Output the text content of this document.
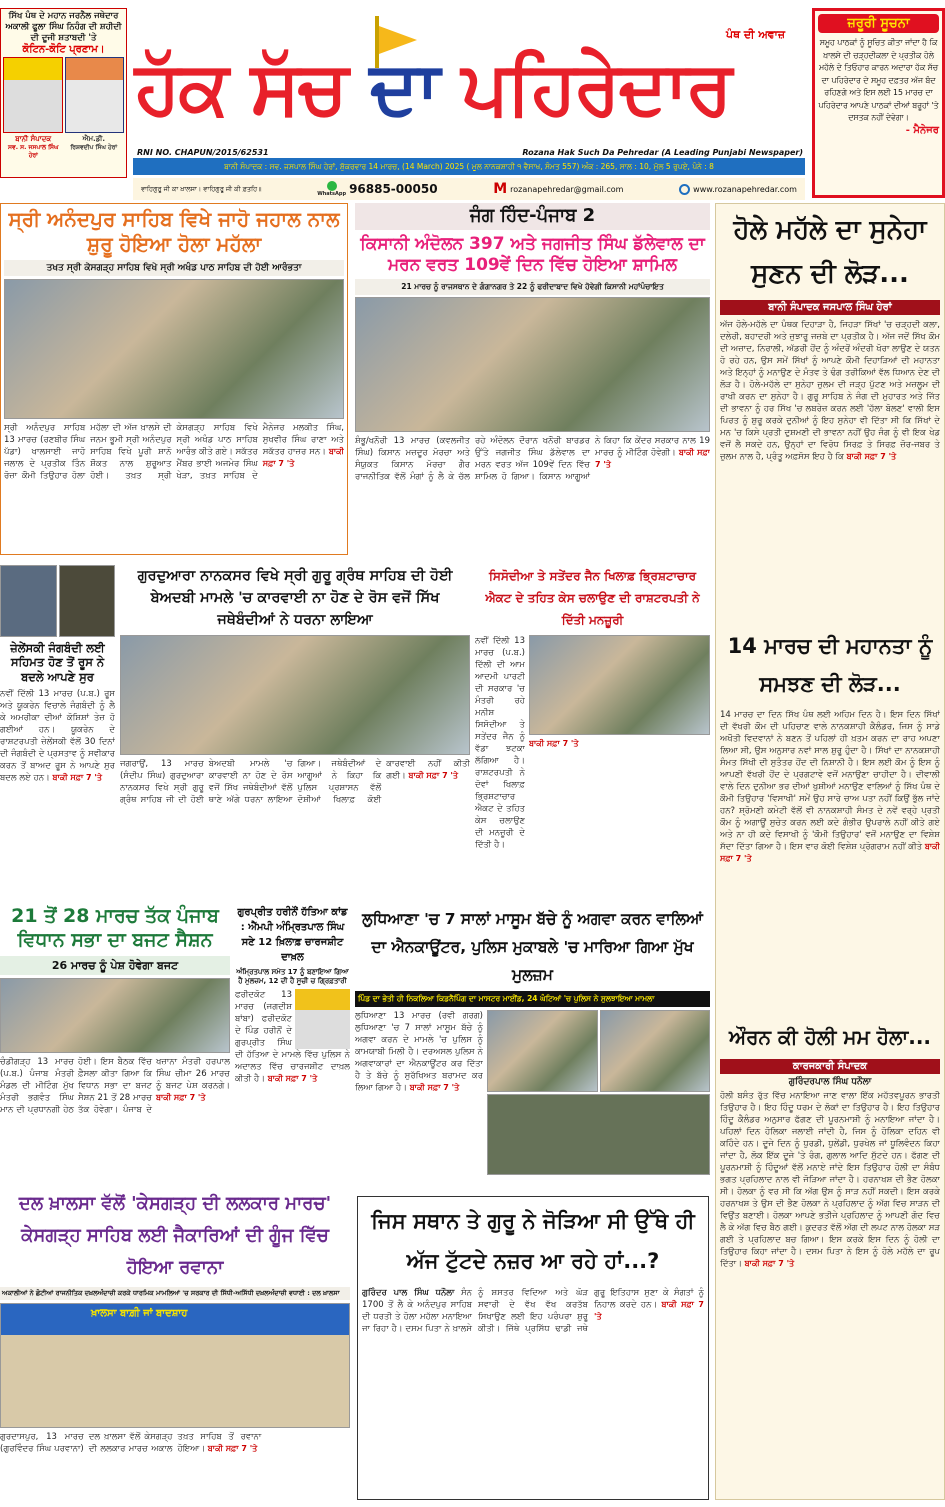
ਸਿੱਖ ਪੰਥ ਦੇ ਮਹਾਨ ਜਰਨੈਲ ਜਥੇਦਾਰ ਅਕਾਲੀ ਫੂਲਾ ਸਿੰਘ ਨਿਹੰਗ ਦੀ ਸ਼ਹੀਦੀ ਦੀ ਦੂਜੀ ਸ਼ਤਾਬਦੀ 'ਤੇ
ਕੋਟਿਨ-ਕੋਟਿ ਪ੍ਰਣਾਮ।
ਬਾਨੀ ਸੰਪਾਦਕ
ਸਵ. ਸ. ਜਸਪਾਲ ਸਿੰਘ ਹੇਰਾਂ
ਐਮ.ਡੀ.
ਰਿਸ਼ਵਦੀਪ ਸਿੰਘ ਹੇਰਾਂ
ਹੱਕ ਸੱਚ ਦਾ ਪਹਿਰੇਦਾਰ
ਪੰਥ ਦੀ ਅਵਾਜ਼
RNI NO. CHAPUN/2015/62531	Rozana Hak Such Da Pehredar (A Leading Punjabi Newspaper)
ਬਾਨੀ ਸੰਪਾਦਕ : ਸਵ. ਜਸਪਾਲ ਸਿੰਘ ਹੇਰਾਂ, ਸ਼ੁੱਕਰਵਾਰ 14 ਮਾਰਚ, (14 March) 2025 ( ਮੂਲ ਨਾਨਕਸ਼ਾਹੀ ੧ ਵੈਸਾਖ, ਸੰਮਤ 557) ਅੰਕ : 265, ਸਾਲ : 10, ਮੁੱਲ 5 ਰੁਪਏ, ਪੰਨੇ : 8
ਵਾਹਿਗੁਰੂ ਜੀ ਕਾ ਖ਼ਾਲਸਾ। ਵਾਹਿਗੁਰੂ ਜੀ ਕੀ ਫ਼ਤਹਿ॥
WhatsApp 96885-00050	M rozanapehredar@gmail.com	www.rozanapehredar.com
ਜ਼ਰੂਰੀ ਸੂਚਨਾ
ਸਮੂਹ ਪਾਠਕਾਂ ਨੂੰ ਸੂਚਿਤ ਕੀਤਾ ਜਾਂਦਾ ਹੈ ਕਿ ਖ਼ਾਲਸੇ ਦੀ ਚੜ੍ਹਦੀਕਲਾ ਦੇ ਪ੍ਰਤੀਕ ਹੋਲੇ ਮਹੱਲੇ ਦੇ ਤਿਓਹਾਰ ਕਾਰਨ ਅਦਾਰਾ ਹੱਕ ਸੱਚ ਦਾ ਪਹਿਰੇਦਾਰ ਦੇ ਸਮੂਹ ਦਫ਼ਤਰ ਅੱਜ ਬੰਦ ਰਹਿਣਗੇ ਅਤੇ ਇਸ ਲਈ 15 ਮਾਰਚ ਦਾ ਪਹਿਰੇਦਾਰ ਆਪਣੇ ਪਾਠਕਾਂ ਦੀਆਂ ਬਰੂਹਾਂ 'ਤੇ ਦਸਤਕ ਨਹੀਂ ਦੇਵੇਗਾ।
- ਮੈਨੇਜਰ
ਸ੍ਰੀ ਅਨੰਦਪੁਰ ਸਾਹਿਬ ਵਿਖੇ ਜਾਹੋ ਜਹਾਲ ਨਾਲ ਸ਼ੁਰੂ ਹੋਇਆ ਹੋਲਾ ਮਹੱਲਾ
ਤਖਤ ਸ੍ਰੀ ਕੇਸਗੜ੍ਹ ਸਾਹਿਬ ਵਿਖੇ ਸ੍ਰੀ ਅਖੰਡ ਪਾਠ ਸਾਹਿਬ ਦੀ ਹੋਈ ਆਰੰਭਤਾ
ਸ੍ਰੀ ਅਨੰਦਪੁਰ ਸਾਹਿਬ 13 ਮਾਰਚ (ਰਣਬੀਰ ਸਿੰਘ ਪੱਡਾ) ਖਾਲਸਾਈ ਜਾਹੋ ਜਲਾਲ ਦੇ ਪ੍ਰਤੀਕ ਤਿੰਨ ਰੋਜ਼ਾ ਕੌਮੀ ਤਿਉਹਾਰ ਹੋਲਾ ਮਹੱਲਾ ਦੀ ਅੱਜ ਖ਼ਾਲਸੇ ਦੀ ਜਨਮ ਭੂਮੀ ਸ੍ਰੀ ਅਨੰਦਪੁਰ ਸਾਹਿਬ ਵਿਖੇ ਪੂਰੀ ਸ਼ਾਨੋ ਸ਼ੌਕਤ ਨਾਲ ਸ਼ੁਰੂਆਤ ਹੋਈ। ਤਖ਼ਤ ਸ੍ਰੀ ਕੇਸਗੜ੍ਹ ਸਾਹਿਬ ਵਿਖੇ ਸ੍ਰੀ ਅਖੰਡ ਪਾਠ ਸਾਹਿਬ ਆਰੰਭ ਕੀਤੇ ਗਏ। ਸਕੱਤਰ ਮੈਂਬਰ ਭਾਈ ਅਜਮੇਰ ਸਿੰਘ ਖੇੜਾ, ਤਖ਼ਤ ਸਾਹਿਬ ਦੇ ਮੈਨੇਜਰ ਮਲਕੀਤ ਸਿੰਘ, ਸੁਖਵੀਰ ਸਿੰਘ ਰਾਣਾ ਅਤੇ ਸਕੱਤਰ ਹਾਜ਼ਰ ਸਨ। ਬਾਕੀ ਸਫ਼ਾ 7 'ਤੇ
ਜੰਗ ਹਿੰਦ-ਪੰਜਾਬ 2
ਕਿਸਾਨੀ ਅੰਦੋਲਨ 397 ਅਤੇ ਜਗਜੀਤ ਸਿੰਘ ਡੱਲੇਵਾਲ ਦਾ ਮਰਨ ਵਰਤ 109ਵੇਂ ਦਿਨ ਵਿੱਚ ਹੋਇਆ ਸ਼ਾਮਿਲ
21 ਮਾਰਚ ਨੂੰ ਰਾਜਸਥਾਨ ਦੇ ਗੰਗਾਨਗਰ ਤੇ 22 ਨੂੰ ਫਰੀਦਾਬਾਦ ਵਿਖੇ ਹੋਵੇਗੀ ਕਿਸਾਨੀ ਮਹਾਂਪੰਚਾਇਤ
ਸ਼ੰਭੂ/ਖਨੌਰੀ 13 ਮਾਰਚ (ਕਵਲਜੀਤ ਸਿੰਘ) ਕਿਸਾਨ ਮਜ਼ਦੂਰ ਮੋਰਚਾ ਅਤੇ ਸੰਯੁਕਤ ਕਿਸਾਨ ਮੋਰਚਾ ਗੈਰ ਰਾਜਨੀਤਿਕ ਵੱਲੋਂ ਮੰਗਾਂ ਨੂੰ ਲੈ ਕੇ ਚੱਲ ਰਹੇ ਅੰਦੋਲਨ ਦੌਰਾਨ ਖਨੌਰੀ ਬਾਰਡਰ ਉੱਤੇ ਜਗਜੀਤ ਸਿੰਘ ਡੱਲੇਵਾਲ ਦਾ ਮਰਨ ਵਰਤ ਅੱਜ 109ਵੇਂ ਦਿਨ ਵਿੱਚ ਸ਼ਾਮਿਲ ਹੋ ਗਿਆ। ਕਿਸਾਨ ਆਗੂਆਂ ਨੇ ਕਿਹਾ ਕਿ ਕੇਂਦਰ ਸਰਕਾਰ ਨਾਲ 19 ਮਾਰਚ ਨੂੰ ਮੀਟਿੰਗ ਹੋਵੇਗੀ। ਬਾਕੀ ਸਫ਼ਾ 7 'ਤੇ
ਜ਼ੇਲੇਂਸਕੀ ਜੰਗਬੰਦੀ ਲਈ ਸਹਿਮਤ ਹੋਣ ਤੋਂ ਰੂਸ ਨੇ ਬਦਲੇ ਆਪਣੇ ਸੁਰ
ਨਵੀਂ ਦਿੱਲੀ 13 ਮਾਰਚ (ਪ.ਬ.) ਰੂਸ ਅਤੇ ਯੂਕਰੇਨ ਵਿਚਾਲੇ ਜੰਗਬੰਦੀ ਨੂੰ ਲੈ ਕੇ ਅਮਰੀਕਾ ਦੀਆਂ ਕੋਸ਼ਿਸ਼ਾਂ ਤੇਜ਼ ਹੋ ਗਈਆਂ ਹਨ। ਯੂਕਰੇਨ ਦੇ ਰਾਸ਼ਟਰਪਤੀ ਜ਼ੇਲੇਂਸਕੀ ਵੱਲੋਂ 30 ਦਿਨਾਂ ਦੀ ਜੰਗਬੰਦੀ ਦੇ ਪ੍ਰਸਤਾਵ ਨੂੰ ਸਵੀਕਾਰ ਕਰਨ ਤੋਂ ਬਾਅਦ ਰੂਸ ਨੇ ਆਪਣੇ ਸੁਰ ਬਦਲ ਲਏ ਹਨ। ਬਾਕੀ ਸਫ਼ਾ 7 'ਤੇ
ਗੁਰਦੁਆਰਾ ਨਾਨਕਸਰ ਵਿਖੇ ਸ੍ਰੀ ਗੁਰੂ ਗ੍ਰੰਥ ਸਾਹਿਬ ਦੀ ਹੋਈ ਬੇਅਦਬੀ ਮਾਮਲੇ 'ਚ ਕਾਰਵਾਈ ਨਾ ਹੋਣ ਦੇ ਰੋਸ ਵਜੋਂ ਸਿੱਖ ਜਥੇਬੰਦੀਆਂ ਨੇ ਧਰਨਾ ਲਾਇਆ
ਜਗਰਾਉਂ, 13 ਮਾਰਚ (ਸੰਦੀਪ ਸਿੰਘ) ਗੁਰਦੁਆਰਾ ਨਾਨਕਸਰ ਵਿਖੇ ਸ੍ਰੀ ਗੁਰੂ ਗ੍ਰੰਥ ਸਾਹਿਬ ਜੀ ਦੀ ਹੋਈ ਬੇਅਦਬੀ ਮਾਮਲੇ 'ਚ ਕਾਰਵਾਈ ਨਾ ਹੋਣ ਦੇ ਰੋਸ ਵਜੋਂ ਸਿੱਖ ਜਥੇਬੰਦੀਆਂ ਵੱਲੋਂ ਥਾਣੇ ਅੱਗੇ ਧਰਨਾ ਲਾਇਆ ਗਿਆ। ਜਥੇਬੰਦੀਆਂ ਦੇ ਆਗੂਆਂ ਨੇ ਕਿਹਾ ਕਿ ਪੁਲਿਸ ਪ੍ਰਸ਼ਾਸਨ ਵੱਲੋਂ ਦੋਸ਼ੀਆਂ ਖਿਲਾਫ਼ ਕੋਈ ਕਾਰਵਾਈ ਨਹੀਂ ਕੀਤੀ ਗਈ। ਬਾਕੀ ਸਫ਼ਾ 7 'ਤੇ
ਸਿਸੋਦੀਆ ਤੇ ਸਤੇਂਦਰ ਜੈਨ ਖਿਲਾਫ਼ ਭ੍ਰਿਸ਼ਟਾਚਾਰ ਐਕਟ ਦੇ ਤਹਿਤ ਕੇਸ ਚਲਾਉਣ ਦੀ ਰਾਸ਼ਟਰਪਤੀ ਨੇ ਦਿੱਤੀ ਮਨਜ਼ੂਰੀ
ਨਵੀਂ ਦਿੱਲੀ 13 ਮਾਰਚ (ਪ.ਬ.) ਦਿੱਲੀ ਦੀ ਆਮ ਆਦਮੀ ਪਾਰਟੀ ਦੀ ਸਰਕਾਰ 'ਚ ਮੰਤਰੀ ਰਹੇ ਮਨੀਸ਼ ਸਿਸੋਦੀਆ ਤੇ ਸਤੇਂਦਰ ਜੈਨ ਨੂੰ ਵੱਡਾ ਝਟਕਾ ਲੱਗਿਆ ਹੈ। ਰਾਸ਼ਟਰਪਤੀ ਨੇ ਦੋਵਾਂ ਖਿਲਾਫ਼ ਭ੍ਰਿਸ਼ਟਾਚਾਰ ਐਕਟ ਦੇ ਤਹਿਤ ਕੇਸ ਚਲਾਉਣ ਦੀ ਮਨਜ਼ੂਰੀ ਦੇ ਦਿੱਤੀ ਹੈ।
ਬਾਕੀ ਸਫ਼ਾ 7 'ਤੇ
21 ਤੋਂ 28 ਮਾਰਚ ਤੱਕ ਪੰਜਾਬ ਵਿਧਾਨ ਸਭਾ ਦਾ ਬਜਟ ਸੈਸ਼ਨ
26 ਮਾਰਚ ਨੂੰ ਪੇਸ਼ ਹੋਵੇਗਾ ਬਜਟ
ਚੰਡੀਗੜ੍ਹ 13 ਮਾਰਚ (ਪ.ਬ.) ਪੰਜਾਬ ਮੰਤਰੀ ਮੰਡਲ ਦੀ ਮੀਟਿੰਗ ਮੁੱਖ ਮੰਤਰੀ ਭਗਵੰਤ ਸਿੰਘ ਮਾਨ ਦੀ ਪ੍ਰਧਾਨਗੀ ਹੇਠ ਹੋਈ। ਇਸ ਬੈਠਕ ਵਿੱਚ ਫ਼ੈਸਲਾ ਕੀਤਾ ਗਿਆ ਕਿ ਵਿਧਾਨ ਸਭਾ ਦਾ ਬਜਟ ਸੈਸ਼ਨ 21 ਤੋਂ 28 ਮਾਰਚ ਤੱਕ ਹੋਵੇਗਾ। ਪੰਜਾਬ ਦੇ ਖਜ਼ਾਨਾ ਮੰਤਰੀ ਹਰਪਾਲ ਸਿੰਘ ਚੀਮਾ 26 ਮਾਰਚ ਨੂੰ ਬਜਟ ਪੇਸ਼ ਕਰਨਗੇ। ਬਾਕੀ ਸਫ਼ਾ 7 'ਤੇ
ਗੁਰਪ੍ਰੀਤ ਹਰੀਨੌਂ ਹੱਤਿਆ ਕਾਂਡ : ਐੱਮਪੀ ਅੰਮ੍ਰਿਤਪਾਲ ਸਿੰਘ ਸਣੇ 12 ਖ਼ਿਲਾਫ਼ ਚਾਰਜਸ਼ੀਟ ਦਾਖ਼ਲ
ਅੰਮ੍ਰਿਤਪਾਲ ਸਮੇਤ 17 ਨੂੰ ਬਣਾਇਆ ਗਿਆ ਹੈ ਮੁਲਜ਼ਮ, 12 ਦੀ ਹੈ ਸੂਚੀ ਚ ਗ੍ਰਿਫ਼ਤਾਰੀ
ਫਰੀਦਕੋਟ 13 ਮਾਰਚ (ਜਗਦੀਸ਼ ਬਾਂਬਾ) ਫਰੀਦਕੋਟ ਦੇ ਪਿੰਡ ਹਰੀਨੌਂ ਦੇ ਗੁਰਪ੍ਰੀਤ ਸਿੰਘ ਦੀ ਹੱਤਿਆ ਦੇ ਮਾਮਲੇ ਵਿੱਚ ਪੁਲਿਸ ਨੇ ਅਦਾਲਤ ਵਿੱਚ ਚਾਰਜਸ਼ੀਟ ਦਾਖ਼ਲ ਕੀਤੀ ਹੈ। ਬਾਕੀ ਸਫ਼ਾ 7 'ਤੇ
ਲੁਧਿਆਣਾ 'ਚ 7 ਸਾਲਾਂ ਮਾਸੂਮ ਬੱਚੇ ਨੂੰ ਅਗਵਾ ਕਰਨ ਵਾਲਿਆਂ ਦਾ ਐਨਕਾਊਂਟਰ, ਪੁਲਿਸ ਮੁਕਾਬਲੇ 'ਚ ਮਾਰਿਆ ਗਿਆ ਮੁੱਖ ਮੁਲਜ਼ਮ
ਪਿੰਡ ਦਾ ਭੇਤੀ ਹੀ ਨਿਕਲਿਆ ਕਿਡਨੈਪਿੰਗ ਦਾ ਮਾਸਟਰ ਮਾਈਂਡ, 24 ਘੰਟਿਆਂ 'ਚ ਪੁਲਿਸ ਨੇ ਸੁਲਝਾਇਆ ਮਾਮਲਾ
ਲੁਧਿਆਣਾ 13 ਮਾਰਚ (ਰਵੀ ਗਰਗ) ਲੁਧਿਆਣਾ 'ਚ 7 ਸਾਲਾਂ ਮਾਸੂਮ ਬੱਚੇ ਨੂੰ ਅਗਵਾ ਕਰਨ ਦੇ ਮਾਮਲੇ 'ਚ ਪੁਲਿਸ ਨੂੰ ਕਾਮਯਾਬੀ ਮਿਲੀ ਹੈ। ਦਰਅਸਲ ਪੁਲਿਸ ਨੇ ਅਗਵਾਕਾਰਾਂ ਦਾ ਐਨਕਾਊਂਟਰ ਕਰ ਦਿੱਤਾ ਹੈ ਤੇ ਬੱਚੇ ਨੂੰ ਸੁਰੱਖਿਅਤ ਬਰਾਮਦ ਕਰ ਲਿਆ ਗਿਆ ਹੈ। ਬਾਕੀ ਸਫ਼ਾ 7 'ਤੇ
ਦਲ ਖ਼ਾਲਸਾ ਵੱਲੋਂ 'ਕੇਸਗੜ੍ਹ ਦੀ ਲਲਕਾਰ ਮਾਰਚ' ਕੇਸਗੜ੍ਹ ਸਾਹਿਬ ਲਈ ਜੈਕਾਰਿਆਂ ਦੀ ਗੂੰਜ ਵਿੱਚ ਹੋਇਆ ਰਵਾਨਾ
ਅਕਾਲੀਆਂ ਨੇ ਛੋਟੀਆਂ ਰਾਜਨੀਤਿਕ ਦਖ਼ਲਅੰਦਾਜ਼ੀ ਕਰਕੇ ਧਾਰਮਿਕ ਮਾਮਲਿਆਂ 'ਚ ਸਰਕਾਰ ਦੀ ਸਿੱਧੀ-ਅਸਿੱਧੀ ਦਖ਼ਲਅੰਦਾਜ਼ੀ ਵਧਾਈ : ਦਲ ਖ਼ਾਲਸਾ
ਖ਼ਾਲਸਾ ਬਾਗ਼ੀ ਜਾਂ ਬਾਦਸ਼ਾਹ
ਗੁਰਦਾਸਪੁਰ, 13 ਮਾਰਚ (ਗੁਰਵਿੰਦਰ ਸਿੰਘ ਪਰਵਾਨਾ) ਦਲ ਖ਼ਾਲਸਾ ਵੱਲੋਂ ਕੇਸਗੜ੍ਹ ਦੀ ਲਲਕਾਰ ਮਾਰਚ ਅਕਾਲ ਤਖ਼ਤ ਸਾਹਿਬ ਤੋਂ ਰਵਾਨਾ ਹੋਇਆ। ਬਾਕੀ ਸਫ਼ਾ 7 'ਤੇ
ਜਿਸ ਸਥਾਨ ਤੇ ਗੁਰੂ ਨੇ ਜੋੜਿਆ ਸੀ ਉੱਥੇ ਹੀ ਅੱਜ ਟੁੱਟਦੇ ਨਜ਼ਰ ਆ ਰਹੇ ਹਾਂ...?
ਗੁਰਿੰਦਰ ਪਾਲ ਸਿੰਘ ਧਨੌਲਾ ਸੰਨ 1700 ਤੋਂ ਲੈ ਕੇ ਅਨੰਦਪੁਰ ਸਾਹਿਬ ਦੀ ਧਰਤੀ ਤੇ ਹੋਲਾ ਮਹੱਲਾ ਮਨਾਇਆ ਜਾ ਰਿਹਾ ਹੈ। ਦਸਮ ਪਿਤਾ ਨੇ ਖ਼ਾਲਸੇ ਨੂੰ ਸ਼ਸਤਰ ਵਿਦਿਆ ਅਤੇ ਘੋੜ ਸਵਾਰੀ ਦੇ ਵੱਖ ਵੱਖ ਕਰਤੱਬ ਸਿਖਾਉਣ ਲਈ ਇਹ ਪਰੰਪਰਾ ਸ਼ੁਰੂ ਕੀਤੀ। ਜਿੱਥੇ ਪ੍ਰਸਿੱਧ ਢਾਡੀ ਜਥੇ ਗੁਰੂ ਇਤਿਹਾਸ ਸੁਣਾ ਕੇ ਸੰਗਤਾਂ ਨੂੰ ਨਿਹਾਲ ਕਰਦੇ ਹਨ। ਬਾਕੀ ਸਫ਼ਾ 7 'ਤੇ
ਹੋਲੇ ਮਹੱਲੇ ਦਾ ਸੁਨੇਹਾ ਸੁਣਨ ਦੀ ਲੋੜ...
ਬਾਨੀ ਸੰਪਾਦਕ ਜਸਪਾਲ ਸਿੰਘ ਹੇਰਾਂ
ਅੱਜ ਹੋਲੇ-ਮਹੱਲੇ ਦਾ ਪੰਥਕ ਦਿਹਾੜਾ ਹੈ, ਜਿਹੜਾ ਸਿੱਖਾਂ 'ਚ ਚੜ੍ਹਦੀ ਕਲਾ, ਦਲੇਰੀ, ਬਹਾਦਰੀ ਅਤੇ ਜੁਝਾਰੂ ਜਜ਼ਬੇ ਦਾ ਪ੍ਰਤੀਕ ਹੈ। ਅੱਜ ਜਦੋਂ ਸਿੱਖ ਕੌਮ ਦੀ ਅਜ਼ਾਦ, ਨਿਰਾਲੀ, ਅੱਡਰੀ ਹੋਂਦ ਨੂੰ ਅੰਦਰੋਂ ਅੰਦਰੀ ਖੋਰਾ ਲਾਉਣ ਦੇ ਯਤਨ ਹੋ ਰਹੇ ਹਨ, ਉਸ ਸਮੇਂ ਸਿੱਖਾਂ ਨੂੰ ਆਪਣੇ ਕੌਮੀ ਦਿਹਾੜਿਆਂ ਦੀ ਮਹਾਨਤਾ ਅਤੇ ਇਨ੍ਹਾਂ ਨੂੰ ਮਨਾਉਣ ਦੇ ਮੰਤਵ ਤੇ ਢੰਗ ਤਰੀਕਿਆਂ ਵੱਲ ਧਿਆਨ ਦੇਣ ਦੀ ਲੋੜ ਹੈ। ਹੋਲੇ-ਮਹੱਲੇ ਦਾ ਸੁਨੇਹਾ ਜ਼ੁਲਮ ਦੀ ਜੜ੍ਹ ਪੁੱਟਣ ਅਤੇ ਮਜ਼ਲੂਮ ਦੀ ਰਾਖੀ ਕਰਨ ਦਾ ਸੁਨੇਹਾ ਹੈ। ਗੁਰੂ ਸਾਹਿਬ ਨੇ ਜੰਗ ਦੀ ਮੁਹਾਰਤ ਅਤੇ ਜਿੱਤ ਦੀ ਭਾਵਨਾ ਨੂੰ ਹਰ ਸਿੱਖ 'ਚ ਲਬਰੇਜ਼ ਕਰਨ ਲਈ 'ਹੱਲਾ ਬੋਲਣ' ਵਾਲੀ ਇਸ ਪਿਰਤ ਨੂੰ ਸ਼ੁਰੂ ਕਰਕੇ ਦੁਨੀਆਂ ਨੂੰ ਇਹ ਸੁਨੇਹਾ ਵੀ ਦਿੱਤਾ ਸੀ ਕਿ ਸਿੱਖਾਂ ਦੇ ਮਨ 'ਚ ਕਿਸੇ ਪ੍ਰਤੀ ਦੁਸ਼ਮਣੀ ਦੀ ਭਾਵਨਾ ਨਹੀਂ ਉਹ ਜੰਗ ਨੂੰ ਵੀ ਇਕ ਖੇਡ ਵਜੋਂ ਲੈ ਸਕਦੇ ਹਨ, ਉਨ੍ਹਾਂ ਦਾ ਵਿਰੋਧ ਸਿਰਫ਼ ਤੇ ਸਿਰਫ਼ ਜ਼ੋਰ-ਜਬਰ ਤੇ ਜ਼ੁਲਮ ਨਾਲ ਹੈ, ਪ੍ਰੰਤੂ ਅਫ਼ਸੋਸ ਇਹ ਹੈ ਕਿ ਬਾਕੀ ਸਫ਼ਾ 7 'ਤੇ
14 ਮਾਰਚ ਦੀ ਮਹਾਨਤਾ ਨੂੰ ਸਮਝਣ ਦੀ ਲੋੜ...
14 ਮਾਰਚ ਦਾ ਦਿਨ ਸਿੱਖ ਪੰਥ ਲਈ ਅਹਿਮ ਦਿਨ ਹੈ। ਇਸ ਦਿਨ ਸਿੱਖਾਂ ਦੀ ਵੱਖਰੀ ਕੌਮ ਦੀ ਪਹਿਚਾਣ ਵਾਲੇ ਨਾਨਕਸ਼ਾਹੀ ਕੈਲੰਡਰ, ਜਿਸ ਨੂੰ ਸਾਡੇ ਅਖੌਤੀ ਵਿਦਵਾਨਾਂ ਨੇ ਬਣਨ ਤੋਂ ਪਹਿਲਾਂ ਹੀ ਖ਼ਤਮ ਕਰਨ ਦਾ ਰਾਹ ਅਪਣਾ ਲਿਆ ਸੀ, ਉਸ ਅਨੁਸਾਰ ਨਵਾਂ ਸਾਲ ਸ਼ੁਰੂ ਹੁੰਦਾ ਹੈ। ਸਿੱਖਾਂ ਦਾ ਨਾਨਕਸ਼ਾਹੀ ਸੰਮਤ ਸਿੱਖੀ ਦੀ ਸੁਤੰਤਰ ਹੋਂਦ ਦੀ ਨਿਸ਼ਾਨੀ ਹੈ। ਇਸ ਲਈ ਕੌਮ ਨੂੰ ਇਸ ਨੂੰ ਆਪਣੀ ਵੱਖਰੀ ਹੋਂਦ ਦੇ ਪ੍ਰਗਟਾਵੇ ਵਜੋਂ ਮਨਾਉਣਾ ਚਾਹੀਦਾ ਹੈ। ਦੀਵਾਲੀ ਵਾਲੇ ਦਿਨ ਦੁਨੀਆ ਭਰ ਦੀਆਂ ਖੁਸ਼ੀਆਂ ਮਨਾਉਣ ਵਾਲਿਆਂ ਨੂੰ ਸਿੱਖ ਪੰਥ ਦੇ ਕੌਮੀ ਤਿਉਹਾਰ 'ਵਿਸਾਖੀ' ਸਮੇਂ ਉਹ ਸਾਰੇ ਚਾਅ ਪਤਾ ਨਹੀਂ ਕਿਉਂ ਭੁੱਲ ਜਾਂਦੇ ਹਨ? ਸ਼੍ਰੋਮਣੀ ਕਮੇਟੀ ਵੱਲੋਂ ਵੀ ਨਾਨਕਸ਼ਾਹੀ ਸੰਮਤ ਦੇ ਨਵੇਂ ਵਰ੍ਹੇ ਪ੍ਰਤੀ ਕੌਮ ਨੂੰ ਅਗਾਊਂ ਸੁਚੇਤ ਕਰਨ ਲਈ ਕਦੇ ਗੰਭੀਰ ਉਪਰਾਲੇ ਨਹੀਂ ਕੀਤੇ ਗਏ ਅਤੇ ਨਾ ਹੀ ਕਦੇ ਵਿਸਾਖੀ ਨੂੰ 'ਕੌਮੀ ਤਿਉਹਾਰ' ਵਜੋਂ ਮਨਾਉਣ ਦਾ ਵਿਸ਼ੇਸ਼ ਸੱਦਾ ਦਿੱਤਾ ਗਿਆ ਹੈ। ਇਸ ਵਾਰ ਕੋਈ ਵਿਸ਼ੇਸ਼ ਪ੍ਰੋਗਰਾਮ ਨਹੀਂ ਕੀਤੇ ਬਾਕੀ ਸਫ਼ਾ 7 'ਤੇ
ਔਰਨ ਕੀ ਹੋਲੀ ਮਮ ਹੋਲਾ...
ਕਾਰਜਕਾਰੀ ਸੰਪਾਦਕ
ਗੁਰਿੰਦਰਪਾਲ ਸਿੰਘ ਧਨੌਲਾ
ਹੋਲੀ ਬਸੰਤ ਰੁੱਤ ਵਿੱਚ ਮਨਾਇਆ ਜਾਣ ਵਾਲਾ ਇੱਕ ਮਹੱਤਵਪੂਰਨ ਭਾਰਤੀ ਤਿਉਹਾਰ ਹੈ। ਇਹ ਹਿੰਦੂ ਧਰਮ ਦੇ ਲੋਕਾਂ ਦਾ ਤਿਉਹਾਰ ਹੈ। ਇਹ ਤਿਉਹਾਰ ਹਿੰਦੂ ਕੈਲੰਡਰ ਅਨੁਸਾਰ ਫੱਗਣ ਦੀ ਪੂਰਨਮਾਸ਼ੀ ਨੂੰ ਮਨਾਇਆ ਜਾਂਦਾ ਹੈ। ਪਹਿਲਾਂ ਦਿਨ ਹੋਲਿਕਾ ਜਲਾਈ ਜਾਂਦੀ ਹੈ, ਜਿਸ ਨੂੰ ਹੋਲਿਕਾ ਦਹਿਨ ਵੀ ਕਹਿੰਦੇ ਹਨ। ਦੂਜੇ ਦਿਨ ਨੂੰ ਧੁਰਡੀ, ਧੁਲੇਂਡੀ, ਧੁਰਖੇਲ ਜਾਂ ਧੂਲਿਵੰਦਨ ਕਿਹਾ ਜਾਂਦਾ ਹੈ, ਲੋਕ ਇੱਕ ਦੂਜੇ 'ਤੇ ਰੰਗ, ਗੁਲਾਲ ਆਦਿ ਸੁੱਟਦੇ ਹਨ। ਫੱਗਣ ਦੀ ਪੂਰਨਮਾਸ਼ੀ ਨੂੰ ਹਿੰਦੂਆਂ ਵੱਲੋਂ ਮਨਾਏ ਜਾਂਦੇ ਇਸ ਤਿਉਹਾਰ ਹੋਲੀ ਦਾ ਸੰਬੰਧ ਭਗਤ ਪ੍ਰਹਿਲਾਦ ਨਾਲ ਵੀ ਜੋੜਿਆ ਜਾਂਦਾ ਹੈ। ਹਰਨਾਖਸ਼ ਦੀ ਭੈਣ ਹੋਲਕਾ ਸੀ। ਹੋਲਕਾ ਨੂੰ ਵਰ ਸੀ ਕਿ ਅੱਗ ਉਸ ਨੂੰ ਸਾੜ ਨਹੀਂ ਸਕਦੀ। ਇਸ ਕਰਕੇ ਹਰਨਾਖਸ਼ ਤੇ ਉਸ ਦੀ ਭੈਣ ਹੋਲਕਾ ਨੇ ਪ੍ਰਹਿਲਾਦ ਨੂੰ ਅੱਗ ਵਿਚ ਸਾੜਨ ਦੀ ਵਿਉਂਤ ਬਣਾਈ। ਹੋਲਕਾ ਆਪਣੇ ਭਤੀਜੇ ਪ੍ਰਹਿਲਾਦ ਨੂੰ ਆਪਣੀ ਗੋਦ ਵਿਚ ਲੈ ਕੇ ਅੱਗ ਵਿਚ ਬੈਠ ਗਈ। ਕੁਦਰਤ ਵੱਲੋਂ ਅੱਗ ਦੀ ਲਪਟ ਨਾਲ ਹੋਲਕਾ ਸੜ ਗਈ ਤੇ ਪ੍ਰਹਿਲਾਦ ਬਚ ਗਿਆ। ਇਸ ਕਰਕੇ ਇਸ ਦਿਨ ਨੂੰ ਹੋਲੀ ਦਾ ਤਿਉਹਾਰ ਕਿਹਾ ਜਾਂਦਾ ਹੈ। ਦਸਮ ਪਿਤਾ ਨੇ ਇਸ ਨੂੰ ਹੋਲੇ ਮਹੱਲੇ ਦਾ ਰੂਪ ਦਿੱਤਾ। ਬਾਕੀ ਸਫ਼ਾ 7 'ਤੇ
